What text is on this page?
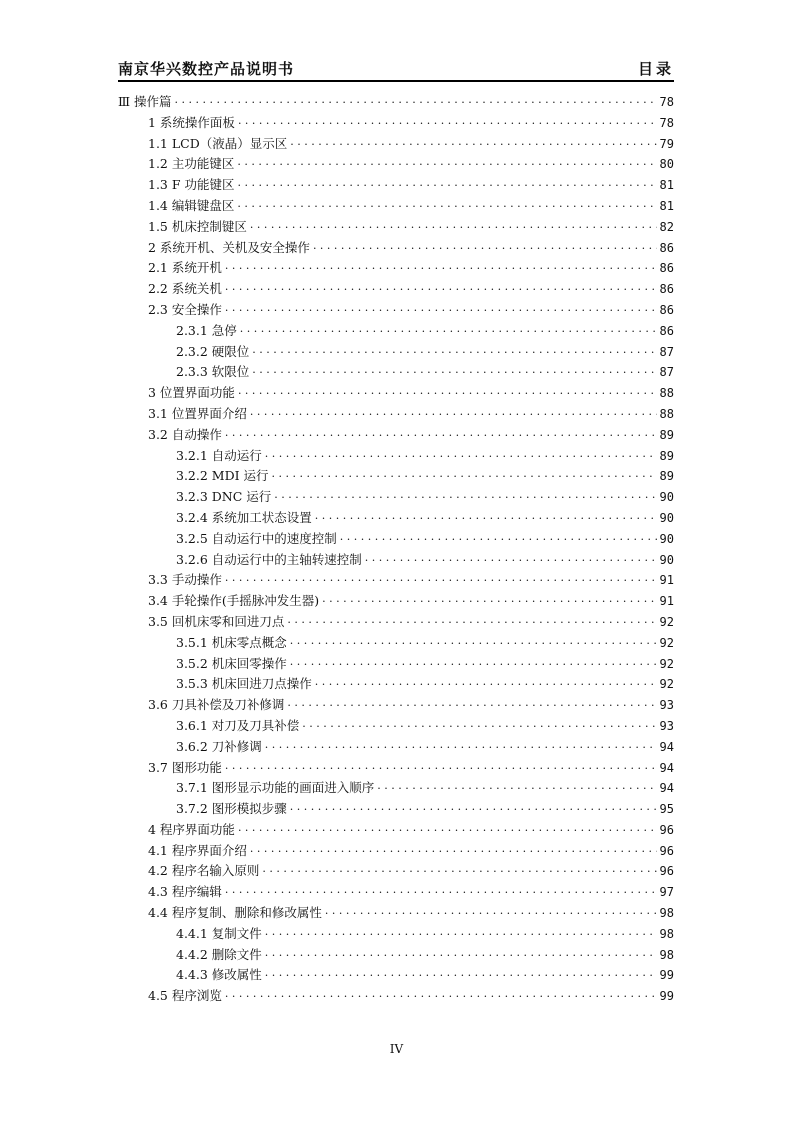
南京华兴数控产品说明书	目录
Ⅲ 操作篇 . . .	78
1 系统操作面板 . . .	78
1.1 LCD（液晶）显示区 . . .	79
1.2 主功能键区 . . .	80
1.3 F 功能键区 . . .	81
1.4 编辑键盘区 . . .	81
1.5 机床控制键区 . . .	82
2 系统开机、关机及安全操作 . . .	86
2.1 系统开机 . . .	86
2.2 系统关机 . . .	86
2.3 安全操作 . . .	86
2.3.1 急停 . . .	86
2.3.2 硬限位 . . .	87
2.3.3 软限位 . . .	87
3 位置界面功能 . . .	88
3.1 位置界面介绍 . . .	88
3.2 自动操作 . . .	89
3.2.1 自动运行 . . .	89
3.2.2 MDI 运行 . . .	89
3.2.3 DNC 运行 . . .	90
3.2.4 系统加工状态设置 . . .	90
3.2.5 自动运行中的速度控制 . . .	90
3.2.6 自动运行中的主轴转速控制 . . .	90
3.3 手动操作 . . .	91
3.4 手轮操作(手摇脉冲发生器) . . .	91
3.5 回机床零和回进刀点 . . .	92
3.5.1 机床零点概念 . . .	92
3.5.2 机床回零操作 . . .	92
3.5.3 机床回进刀点操作 . . .	92
3.6 刀具补偿及刀补修调 . . .	93
3.6.1 对刀及刀具补偿 . . .	93
3.6.2 刀补修调 . . .	94
3.7 图形功能 . . .	94
3.7.1 图形显示功能的画面进入顺序 . . .	94
3.7.2 图形模拟步骤 . . .	95
4 程序界面功能 . . .	96
4.1 程序界面介绍 . . .	96
4.2 程序名输入原则 . . .	96
4.3 程序编辑 . . .	97
4.4 程序复制、删除和修改属性 . . .	98
4.4.1 复制文件 . . .	98
4.4.2 删除文件 . . .	98
4.4.3 修改属性 . . .	99
4.5 程序浏览 . . .	99
IV
